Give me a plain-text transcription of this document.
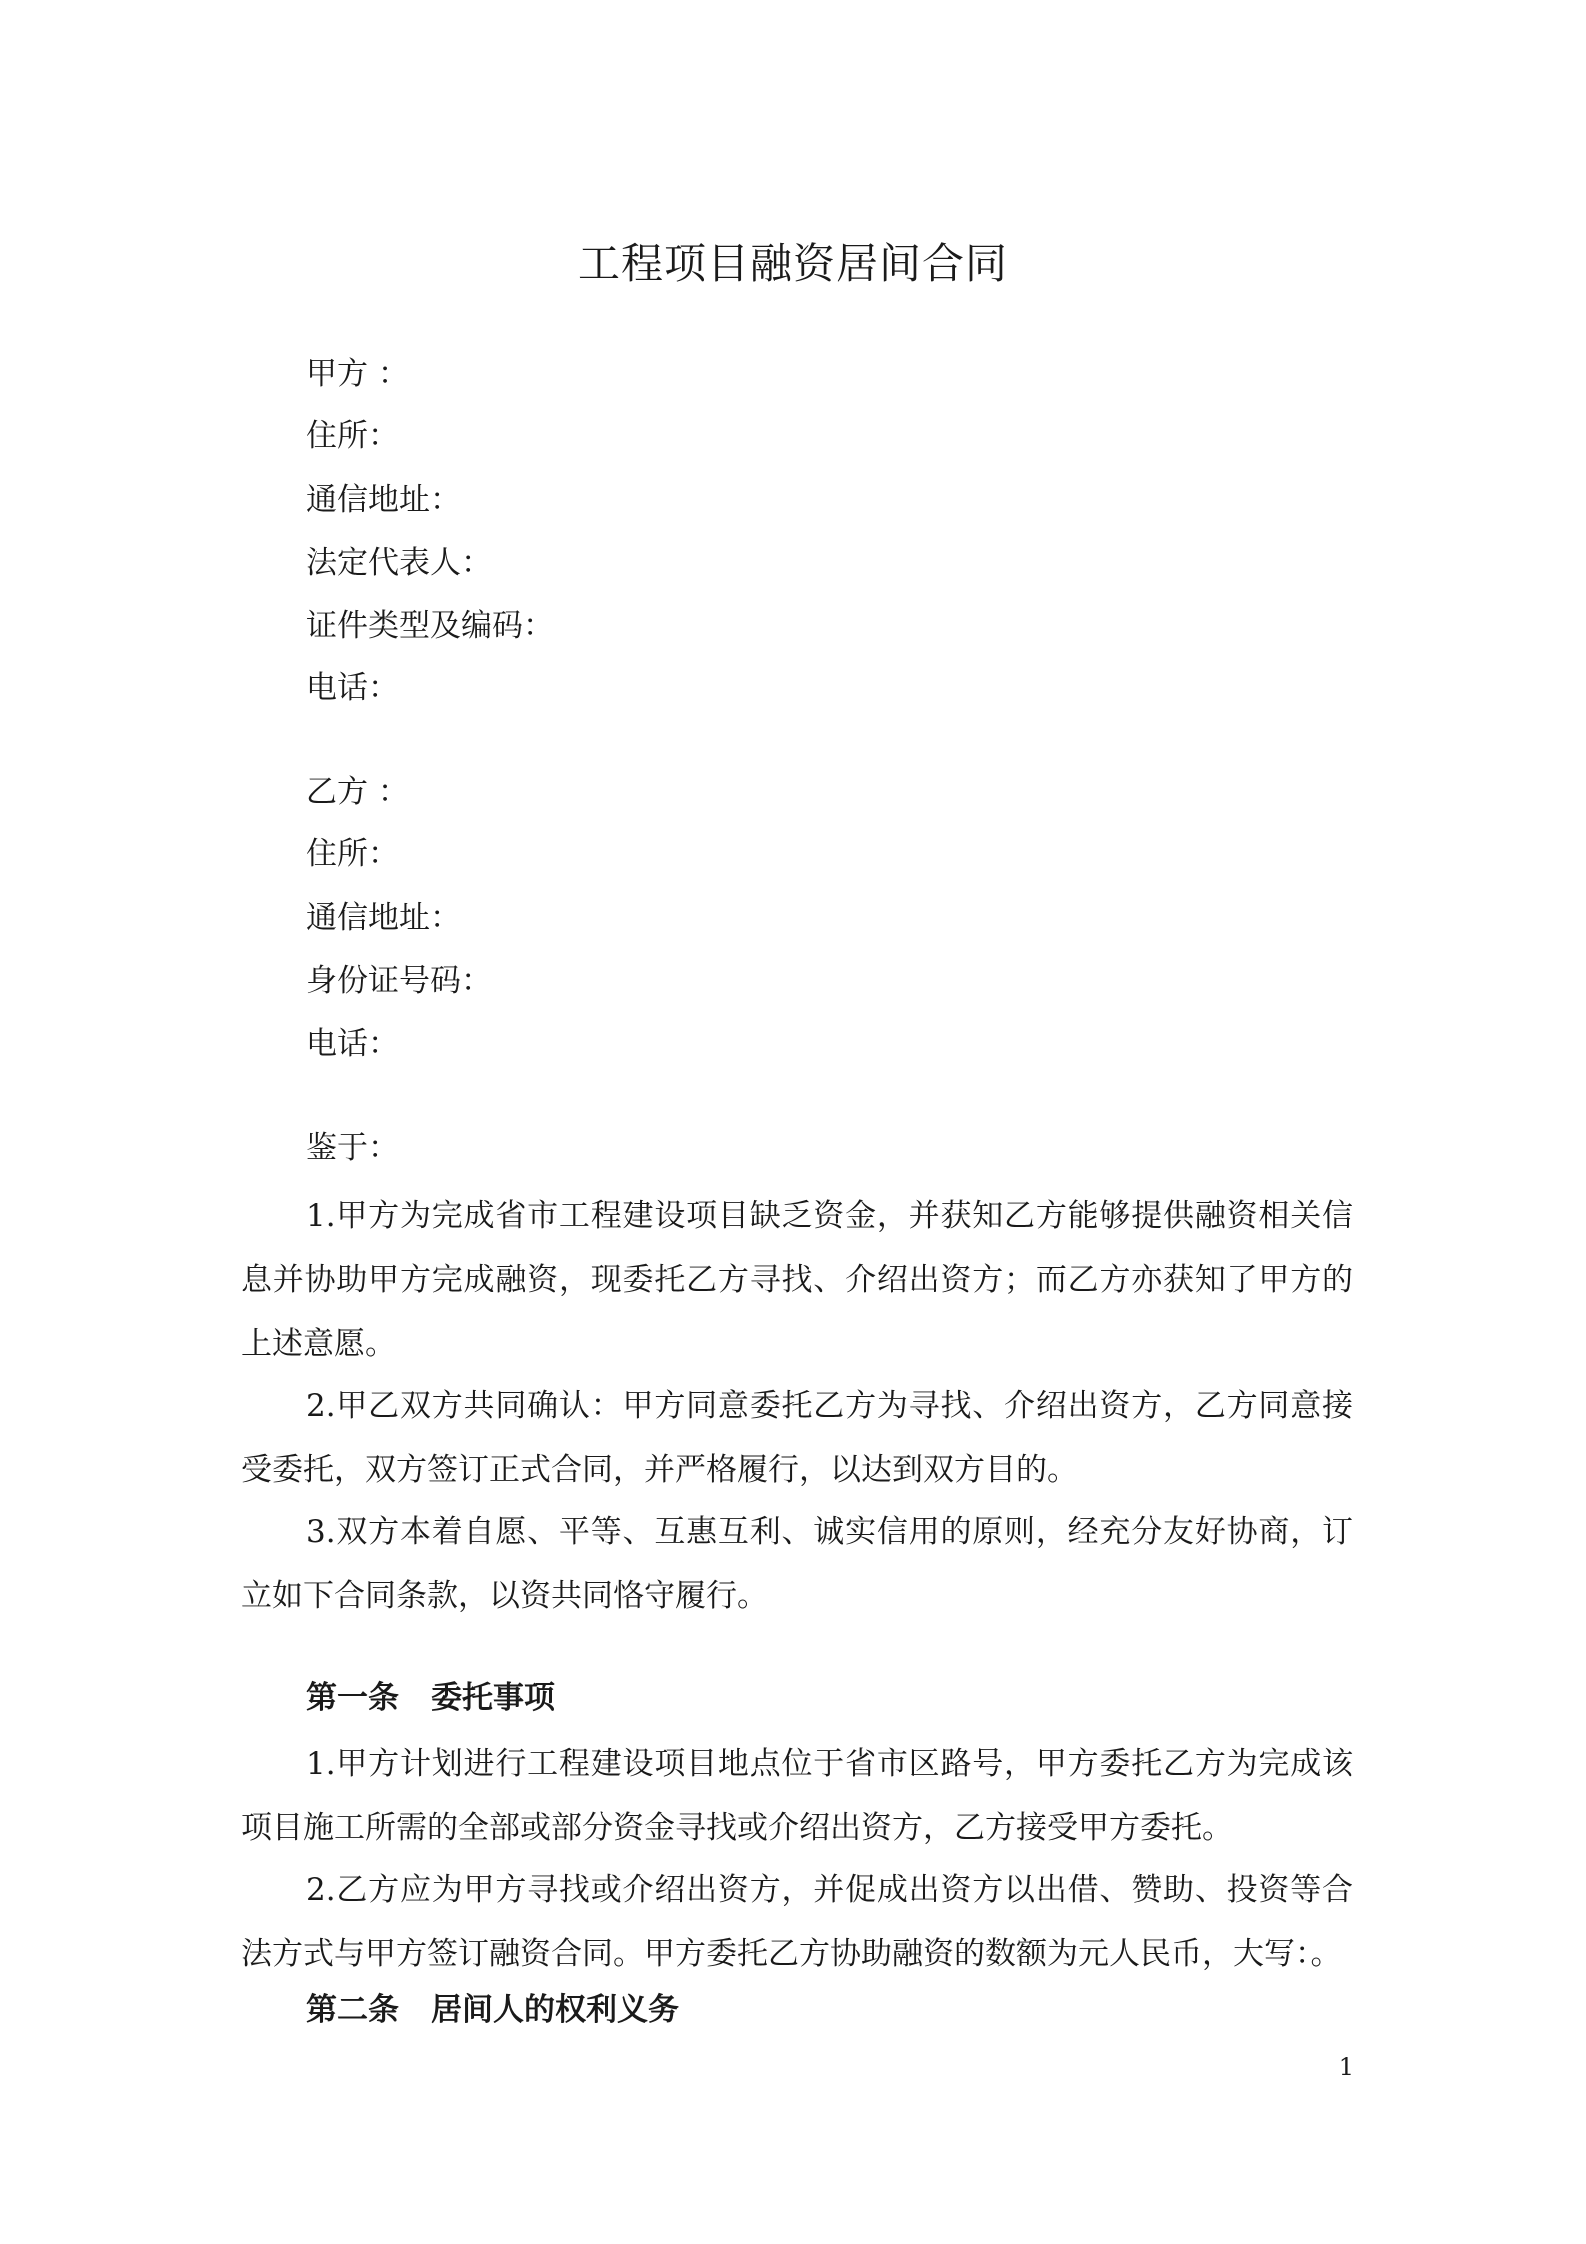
工程项目融资居间合同

甲方 ：

住所：

通信地址：

法定代表人：

证件类型及编码：

电话：

乙方 ：

住所：

通信地址：

身份证号码：

电话：

鉴于：

1.甲方为完成省市工程建设项目缺乏资金，并获知乙方能够提供融资相关信息并协助甲方完成融资，现委托乙方寻找、介绍出资方；而乙方亦获知了甲方的上述意愿。

2.甲乙双方共同确认：甲方同意委托乙方为寻找、介绍出资方，乙方同意接受委托，双方签订正式合同，并严格履行，以达到双方目的。

3.双方本着自愿、平等、互惠互利、诚实信用的原则，经充分友好协商，订立如下合同条款，以资共同恪守履行。

第一条 委托事项

1.甲方计划进行工程建设项目地点位于省市区路号，甲方委托乙方为完成该项目施工所需的全部或部分资金寻找或介绍出资方，乙方接受甲方委托。

2.乙方应为甲方寻找或介绍出资方，并促成出资方以出借、赞助、投资等合法方式与甲方签订融资合同。甲方委托乙方协助融资的数额为元人民币，大写：。

第二条 居间人的权利义务

1
